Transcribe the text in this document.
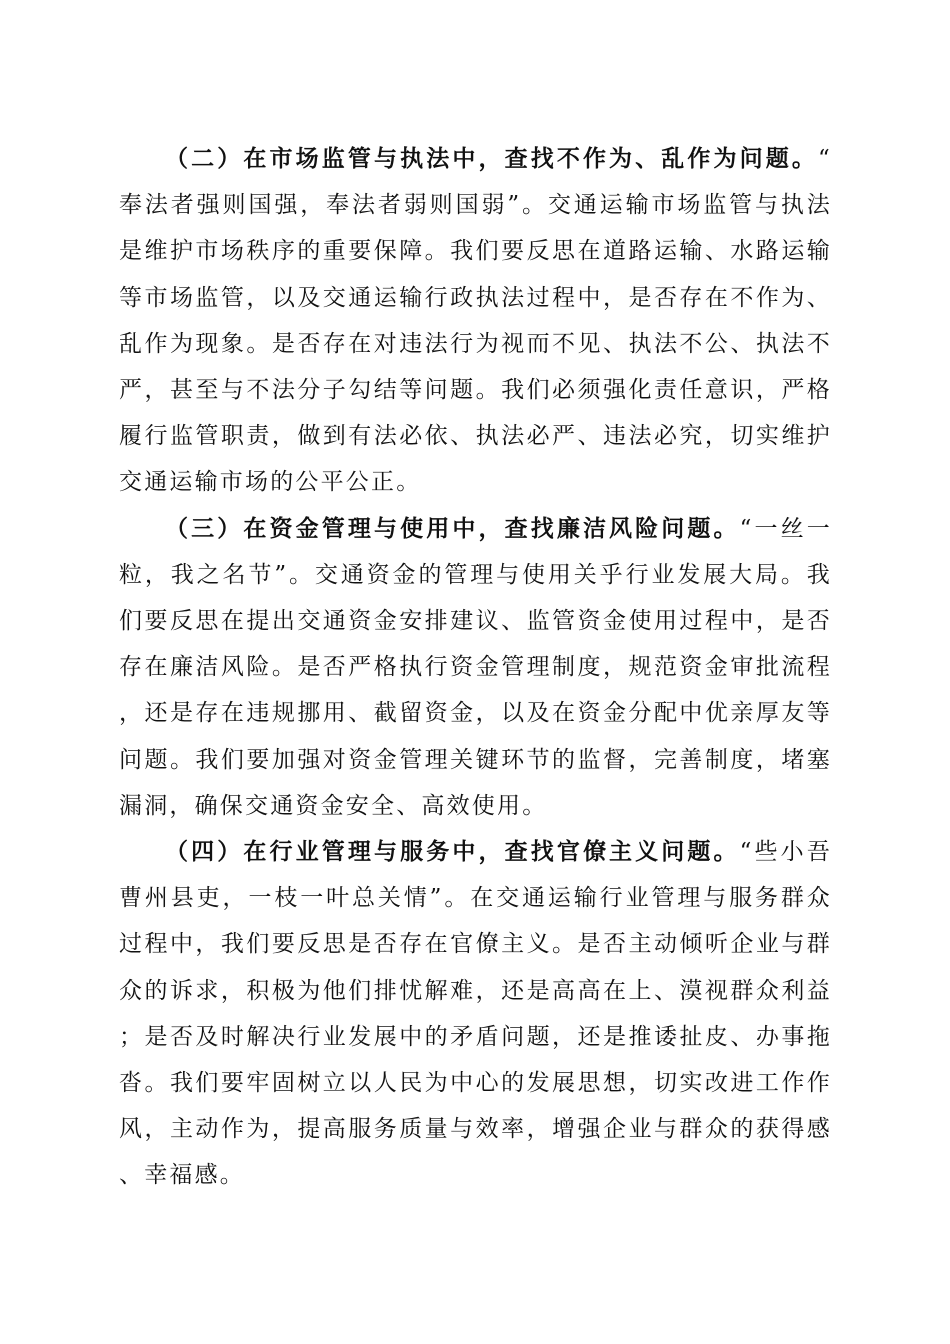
（二）在市场监管与执法中，查找不作为、乱作为问题。“奉法者强则国强，奉法者弱则国弱”。交通运输市场监管与执法是维护市场秩序的重要保障。我们要反思在道路运输、水路运输等市场监管，以及交通运输行政执法过程中，是否存在不作为、乱作为现象。是否存在对违法行为视而不见、执法不公、执法不严，甚至与不法分子勾结等问题。我们必须强化责任意识，严格履行监管职责，做到有法必依、执法必严、违法必究，切实维护交通运输市场的公平公正。

（三）在资金管理与使用中，查找廉洁风险问题。“一丝一粒，我之名节”。交通资金的管理与使用关乎行业发展大局。我们要反思在提出交通资金安排建议、监管资金使用过程中，是否存在廉洁风险。是否严格执行资金管理制度，规范资金审批流程，还是存在违规挪用、截留资金，以及在资金分配中优亲厚友等问题。我们要加强对资金管理关键环节的监督，完善制度，堵塞漏洞，确保交通资金安全、高效使用。

（四）在行业管理与服务中，查找官僚主义问题。“些小吾曹州县吏，一枝一叶总关情”。在交通运输行业管理与服务群众过程中，我们要反思是否存在官僚主义。是否主动倾听企业与群众的诉求，积极为他们排忧解难，还是高高在上、漠视群众利益；是否及时解决行业发展中的矛盾问题，还是推诿扯皮、办事拖沓。我们要牢固树立以人民为中心的发展思想，切实改进工作作风，主动作为，提高服务质量与效率，增强企业与群众的获得感、幸福感。
